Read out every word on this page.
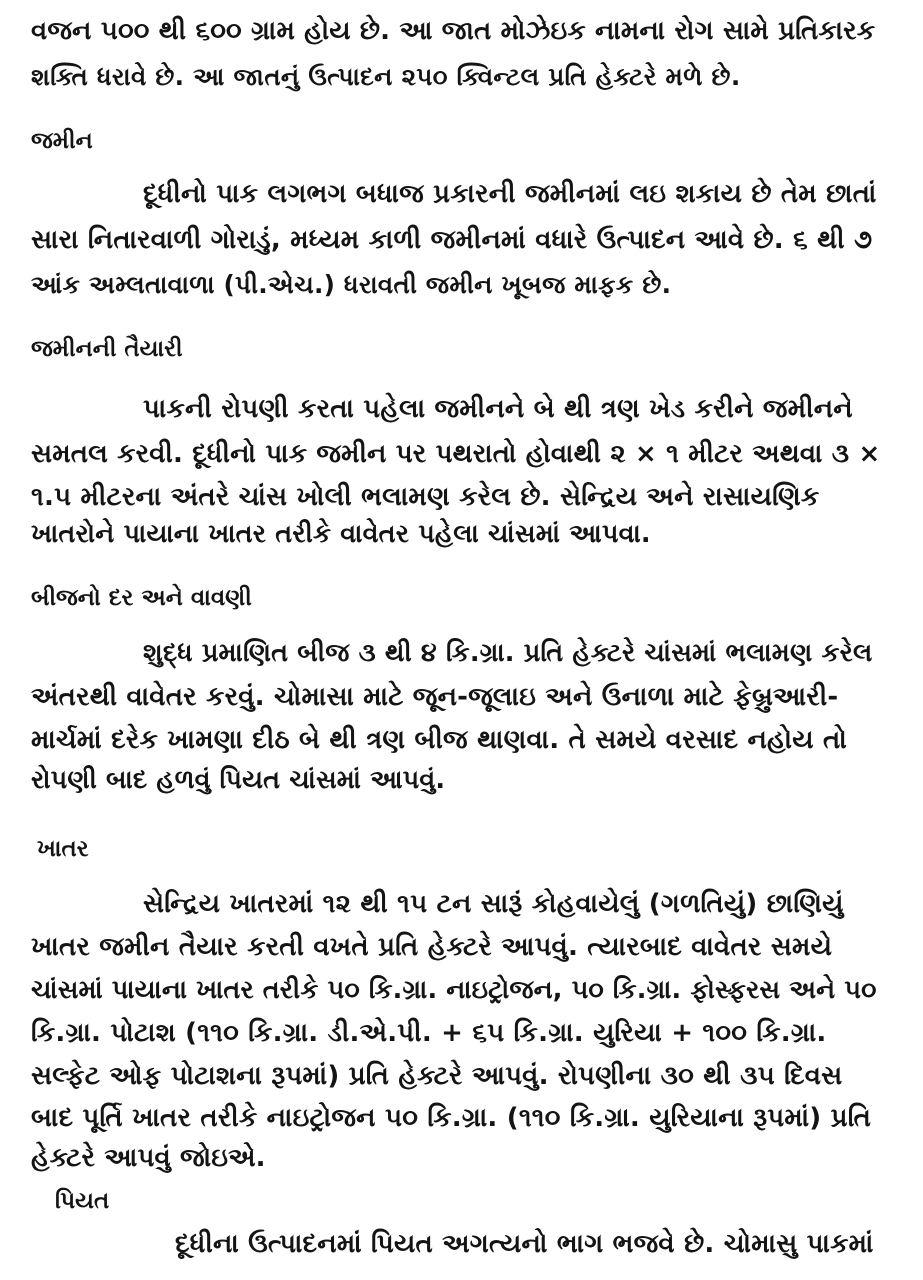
વજન ૫૦૦ થી ૬૦૦ ગ્રામ હોય છે. આ જાત મોઝેઇક નામના રોગ સામે પ્રતિકારક
શક્તિ ધરાવે છે. આ જાતનું ઉત્પાદન ૨૫૦ ક્વિન્ટલ પ્રતિ હેક્ટરે મળે છે.
જમીન
દૂધીનો પાક લગભગ બધાજ પ્રકારની જમીનમાં લઇ શકાય છે તેમ છાતાં
સારા નિતારવાળી ગોરાડું, મધ્યમ કાળી જમીનમાં વધારે ઉત્પાદન આવે છે. ૬ થી ૭
આંક અમ્લતાવાળા (પી.એચ.) ધરાવતી જમીન ખૂબજ માફક છે.
જમીનની તૈયારી
પાકની રોપણી કરતા પહેલા જમીનને બે થી ત્રણ ખેડ કરીને જમીનને
સમતલ કરવી. દૂધીનો પાક જમીન પર પથરાતો હોવાથી ૨ × ૧ મીટર અથવા ૩ ×
૧.૫ મીટરના અંતરે ચાંસ ખોલી ભલામણ કરેલ છે. સેન્દ્રિય અને રાસાયણિક
ખાતરોને પાયાના ખાતર તરીકે વાવેતર પહેલા ચાંસમાં આપવા.
બીજનો દર અને વાવણી
શુદ્ધ પ્રમાણિત બીજ ૩ થી ૪ કિ.ગ્રા. પ્રતિ હેક્ટરે ચાંસમાં ભલામણ કરેલ
અંતરથી વાવેતર કરવું. ચોમાસા માટે જૂન-જૂલાઇ અને ઉનાળા માટે ફેબ્રુઆરી-
માર્ચમાં દરેક ખામણા દીઠ બે થી ત્રણ બીજ થાણવા. તે સમયે વરસાદ નહોય તો
રોપણી બાદ હળવું પિયત ચાંસમાં આપવું.
ખાતર
સેન્દ્રિય ખાતરમાં ૧૨ થી ૧૫ ટન સારૂં કોહવાયેલું (ગળતિયું) છાણિયું
ખાતર જમીન તૈયાર કરતી વખતે પ્રતિ હેક્ટરે આપવું. ત્યારબાદ વાવેતર સમયે
ચાંસમાં પાયાના ખાતર તરીકે ૫૦ કિ.ગ્રા. નાઇટ્રોજન, ૫૦ કિ.ગ્રા. ફોસ્ફરસ અને ૫૦
કિ.ગ્રા. પોટાશ (૧૧૦ કિ.ગ્રા. ડી.એ.પી. + ૬૫ કિ.ગ્રા. યુરિયા + ૧૦૦ કિ.ગ્રા.
સલ્ફેટ ઓફ પોટાશના રૂપમાં) પ્રતિ હેક્ટરે આપવું. રોપણીના ૩૦ થી ૩૫ દિવસ
બાદ પૂર્તિ ખાતર તરીકે નાઇટ્રોજન ૫૦ કિ.ગ્રા. (૧૧૦ કિ.ગ્રા. યુરિયાના રૂપમાં) પ્રતિ
હેક્ટરે આપવું જોઇએ.
પિયત
દૂધીના ઉત્પાદનમાં પિયત અગત્યનો ભાગ ભજવે છે. ચોમાસુ પાકમાં
